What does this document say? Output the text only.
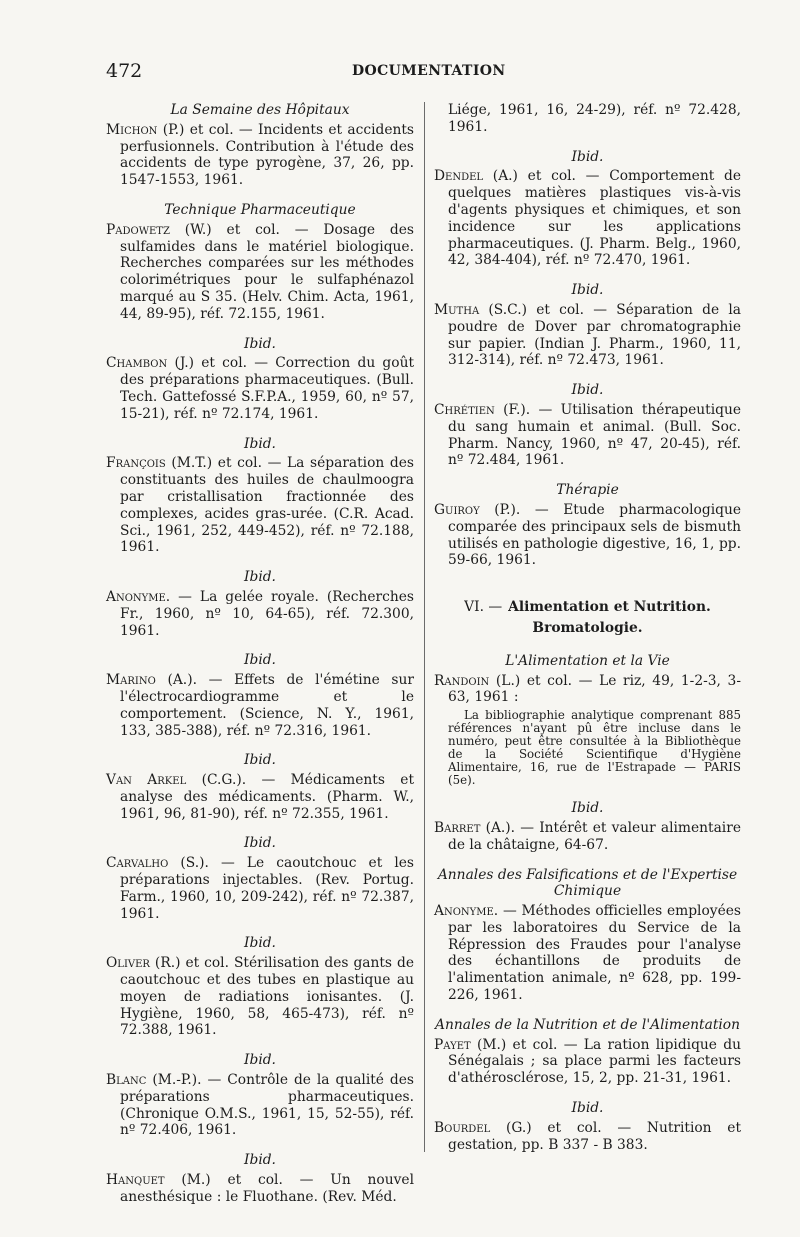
472	DOCUMENTATION
La Semaine des Hôpitaux
Michon (P.) et col. — Incidents et accidents perfusionnels. Contribution à l'étude des accidents de type pyrogène, 37, 26, pp. 1547-1553, 1961.
Technique Pharmaceutique
Padowetz (W.) et col. — Dosage des sulfamides dans le matériel biologique. Recherches comparées sur les méthodes colorimétriques pour le sulfaphénazol marqué au S 35. (Helv. Chim. Acta, 1961, 44, 89-95), réf. 72.155, 1961.
Ibid.
Chambon (J.) et col. — Correction du goût des préparations pharmaceutiques. (Bull. Tech. Gattefossé S.F.P.A., 1959, 60, nº 57, 15-21), réf. nº 72.174, 1961.
Ibid.
François (M.T.) et col. — La séparation des constituants des huiles de chaulmoogra par cristallisation fractionnée des complexes, acides gras-urée. (C.R. Acad. Sci., 1961, 252, 449-452), réf. nº 72.188, 1961.
Ibid.
Anonyme. — La gelée royale. (Recherches Fr., 1960, nº 10, 64-65), réf. 72.300, 1961.
Ibid.
Marino (A.). — Effets de l'émétine sur l'électrocardiogramme et le comportement. (Science, N. Y., 1961, 133, 385-388), réf. nº 72.316, 1961.
Ibid.
Van Arkel (C.G.). — Médicaments et analyse des médicaments. (Pharm. W., 1961, 96, 81-90), réf. nº 72.355, 1961.
Ibid.
Carvalho (S.). — Le caoutchouc et les préparations injectables. (Rev. Portug. Farm., 1960, 10, 209-242), réf. nº 72.387, 1961.
Ibid.
Oliver (R.) et col. Stérilisation des gants de caoutchouc et des tubes en plastique au moyen de radiations ionisantes. (J. Hygiène, 1960, 58, 465-473), réf. nº 72.388, 1961.
Ibid.
Blanc (M.-P.). — Contrôle de la qualité des préparations pharmaceutiques. (Chronique O.M.S., 1961, 15, 52-55), réf. nº 72.406, 1961.
Ibid.
Hanquet (M.) et col. — Un nouvel anesthésique : le Fluothane. (Rev. Méd.
Liége, 1961, 16, 24-29), réf. nº 72.428, 1961.
Ibid.
Dendel (A.) et col. — Comportement de quelques matières plastiques vis-à-vis d'agents physiques et chimiques, et son incidence sur les applications pharmaceutiques. (J. Pharm. Belg., 1960, 42, 384-404), réf. nº 72.470, 1961.
Ibid.
Mutha (S.C.) et col. — Séparation de la poudre de Dover par chromatographie sur papier. (Indian J. Pharm., 1960, 11, 312-314), réf. nº 72.473, 1961.
Ibid.
Chrétien (F.). — Utilisation thérapeutique du sang humain et animal. (Bull. Soc. Pharm. Nancy, 1960, nº 47, 20-45), réf. nº 72.484, 1961.
Thérapie
Guiroy (P.). — Etude pharmacologique comparée des principaux sels de bismuth utilisés en pathologie digestive, 16, 1, pp. 59-66, 1961.
VI. — Alimentation et Nutrition.
Bromatologie.
L'Alimentation et la Vie
Randoin (L.) et col. — Le riz, 49, 1-2-3, 3-63, 1961 :
La bibliographie analytique comprenant 885 références n'ayant pû être incluse dans le numéro, peut être consultée à la Bibliothèque de la Société Scientifique d'Hygiène Alimentaire, 16, rue de l'Estrapade — PARIS (5e).
Ibid.
Barret (A.). — Intérêt et valeur alimentaire de la châtaigne, 64-67.
Annales des Falsifications et de l'Expertise Chimique
Anonyme. — Méthodes officielles employées par les laboratoires du Service de la Répression des Fraudes pour l'analyse des échantillons de produits de l'alimentation animale, nº 628, pp. 199-226, 1961.
Annales de la Nutrition et de l'Alimentation
Payet (M.) et col. — La ration lipidique du Sénégalais ; sa place parmi les facteurs d'athérosclérose, 15, 2, pp. 21-31, 1961.
Ibid.
Bourdel (G.) et col. — Nutrition et gestation, pp. B 337 - B 383.
